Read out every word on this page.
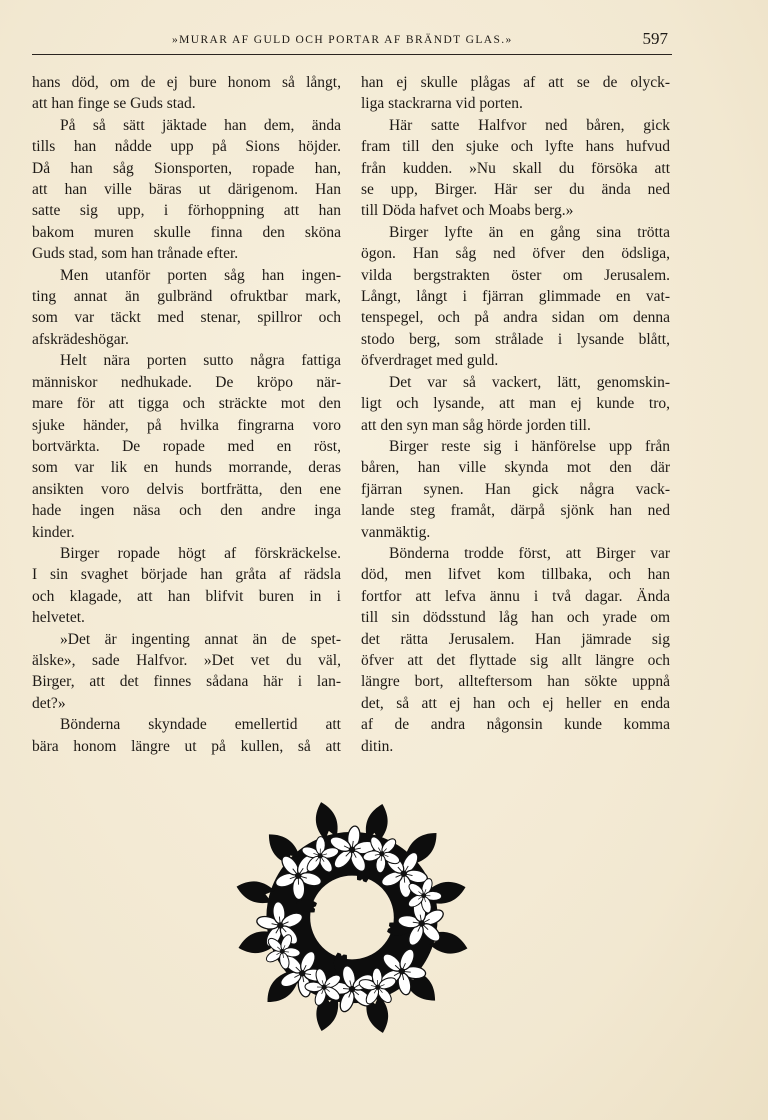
»MURAR AF GULD OCH PORTAR AF BRÄNDT GLAS.»	597

hans död, om de ej bure honom så långt,
att han finge se Guds stad.

På så sätt jäktade han dem, ända
tills han nådde upp på Sions höjder.
Då han såg Sionsporten, ropade han,
att han ville bäras ut därigenom. Han
satte sig upp, i förhoppning att han
bakom muren skulle finna den sköna
Guds stad, som han trånade efter.

Men utanför porten såg han ingen-
ting annat än gulbränd ofruktbar mark,
som var täckt med stenar, spillror och
afskrädeshögar.

Helt nära porten sutto några fattiga
människor nedhukade. De kröpo när-
mare för att tigga och sträckte mot den
sjuke händer, på hvilka fingrarna voro
bortvärkta. De ropade med en röst,
som var lik en hunds morrande, deras
ansikten voro delvis bortfrätta, den ene
hade ingen näsa och den andre inga
kinder.

Birger ropade högt af förskräckelse.
I sin svaghet började han gråta af rädsla
och klagade, att han blifvit buren in i
helvetet.

»Det är ingenting annat än de spet-
älske», sade Halfvor. »Det vet du väl,
Birger, att det finnes sådana här i lan-
det?»

Bönderna skyndade emellertid att
bära honom längre ut på kullen, så att

han ej skulle plågas af att se de olyck-
liga stackrarna vid porten.

Här satte Halfvor ned båren, gick
fram till den sjuke och lyfte hans hufvud
från kudden. »Nu skall du försöka att
se upp, Birger. Här ser du ända ned
till Döda hafvet och Moabs berg.»

Birger lyfte än en gång sina trötta
ögon. Han såg ned öfver den ödsliga,
vilda bergstrakten öster om Jerusalem.
Långt, långt i fjärran glimmade en vat-
tenspegel, och på andra sidan om denna
stodo berg, som strålade i lysande blått,
öfverdraget med guld.

Det var så vackert, lätt, genomskin-
ligt och lysande, att man ej kunde tro,
att den syn man såg hörde jorden till.

Birger reste sig i hänförelse upp från
båren, han ville skynda mot den där
fjärran synen. Han gick några vack-
lande steg framåt, därpå sjönk han ned
vanmäktig.

Bönderna trodde först, att Birger var
död, men lifvet kom tillbaka, och han
fortfor att lefva ännu i två dagar. Ända
till sin dödsstund låg han och yrade om
det rätta Jerusalem. Han jämrade sig
öfver att det flyttade sig allt längre och
längre bort, allteftersom han sökte uppnå
det, så att ej han och ej heller en enda
af de andra någonsin kunde komma
ditin.
